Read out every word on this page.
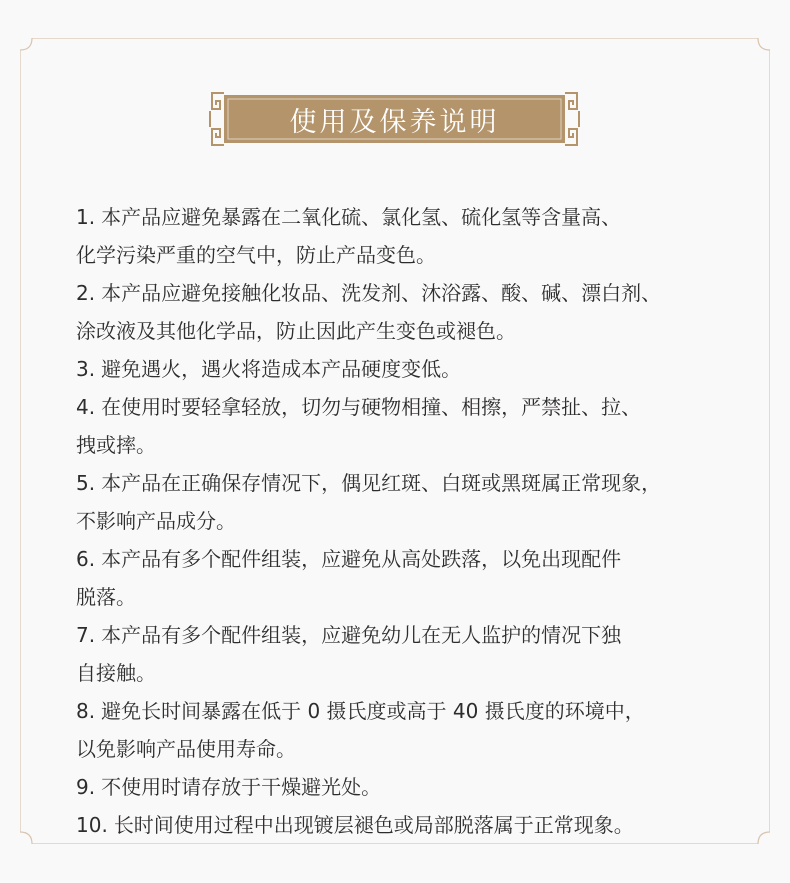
使用及保养说明
1. 本产品应避免暴露在二氧化硫、氯化氢、硫化氢等含量高、
化学污染严重的空气中，防止产品变色。
2. 本产品应避免接触化妆品、洗发剂、沐浴露、酸、碱、漂白剂、
涂改液及其他化学品，防止因此产生变色或褪色。
3. 避免遇火，遇火将造成本产品硬度变低。
4. 在使用时要轻拿轻放，切勿与硬物相撞、相擦，严禁扯、拉、
拽或摔。
5. 本产品在正确保存情况下，偶见红斑、白斑或黑斑属正常现象，
不影响产品成分。
6. 本产品有多个配件组装，应避免从高处跌落，以免出现配件
脱落。
7. 本产品有多个配件组装，应避免幼儿在无人监护的情况下独
自接触。
8. 避免长时间暴露在低于 0 摄氏度或高于 40 摄氏度的环境中，
以免影响产品使用寿命。
9. 不使用时请存放于干燥避光处。
10. 长时间使用过程中出现镀层褪色或局部脱落属于正常现象。
